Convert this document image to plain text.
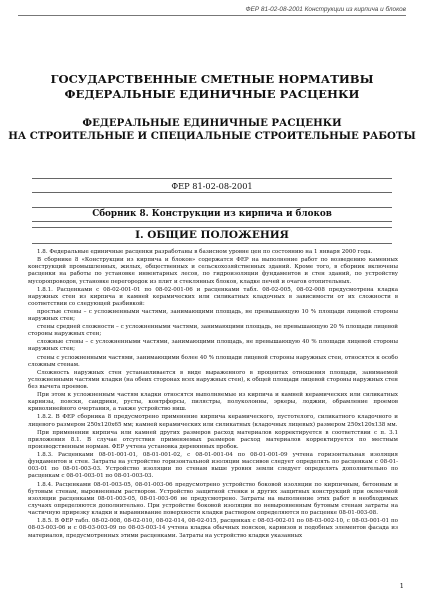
ФЕР 81-02-08-2001 Конструкции из кирпича и блоков

ГОСУДАРСТВЕННЫЕ СМЕТНЫЕ НОРМАТИВЫ

ФЕДЕРАЛЬНЫЕ ЕДИНИЧНЫЕ РАСЦЕНКИ

ФЕДЕРАЛЬНЫЕ ЕДИНИЧНЫЕ РАСЦЕНКИ

НА СТРОИТЕЛЬНЫЕ И СПЕЦИАЛЬНЫЕ СТРОИТЕЛЬНЫЕ РАБОТЫ

ФЕР 81-02-08-2001
Сборник 8. Конструкции из кирпича и блоков
I. ОБЩИЕ ПОЛОЖЕНИЯ

1.8. Федеральные единичные расценки разработаны в базисном уровне цен по состоянию на 1 января 2000 года.

В сборнике 8 «Конструкции из кирпича и блоков» содержатся ФЕР на выполнение работ по возведению каменных конструкций промышленных, жилых, общественных и сельскохозяйственных зданий. Кроме того, в сборник включены расценки на работы по установке инвентарных лесов, по гидроизоляции фундаментов и стен зданий, по устройству мусоропроводов, установке перегородок из плит и стеклянных блоков, кладке печей и очагов отопительных.

1.8.1. Расценками с 08-02-001-01 по 08-02-001-06 и расценками табл. 08-02-005, 08-02-008 предусмотрена кладка наружных стен из кирпича и камней керамических или силикатных кладочных в зависимости от их сложности в соответствии со следующей разбивкой:

простые стены – с усложненными частями, занимающими площадь, не превышающую 10 % площади лицевой стороны наружных стен;

стены средней сложности – с усложненными частями, занимающими площадь, не превышающую 20 % площади лицевой стороны наружных стен;

сложные стены – с усложненными частями, занимающими площадь, не превышающую 40 % площади лицевой стороны наружных стен;

стены с усложненными частями, занимающими более 40 % площади лицевой стороны наружных стен, относятся к особо сложным стенам.

Сложность наружных стен устанавливается в виде выраженного в процентах отношения площади, занимаемой усложненными частями кладки (на обеих сторонах всех наружных стен), к общей площади лицевой стороны наружных стен без вычета проемов.

При этом к усложненным частям кладки относятся выполняемые из кирпича и камней керамических или силикатных карнизы, пояски, сандрики, русты, контрфорсы, пилястры, полуколонны, эркеры, лоджии, обрамление проемов криволинейного очертания, а также устройство ниш.

1.8.2. В ФЕР сборника 8 предусмотрено применение кирпича керамического, пустотелого, силикатного кладочного и лицевого размером 250x120x65 мм; камней керамических или силикатных (кладочных лицевых) размером 250x120x138 мм.

При применении кирпича или камней других размеров расход материалов корректируется в соответствии с п. 3.1 приложения 8.1. В случае отсутствия применяемых размеров расход материалов корректируется по местным производственным нормам. ФЕР учтена установка деревянных пробок.

1.8.3. Расценками 08-01-001-01, 08-01-001-02, с 08-01-001-04 по 08-01-001-09 учтена горизонтальная изоляция фундаментов и стен. Затраты на устройство горизонтальной изоляции массивов следует определять по расценкам с 08-01-003-01 по 08-01-003-03. Устройство изоляции по стенам выше уровня земли следует определять дополнительно по расценкам с 08-01-003-01 по 08-01-003-03.

1.8.4. Расценками 08-01-003-05, 08-01-003-06 предусмотрено устройство боковой изоляции по кирпичным, бетонным и бутовым стенам, выровненным раствором. Устройство защитной стенки и других защитных конструкций при оклеечной изоляции расценками 08-01-003-05, 08-01-003-06 не предусмотрено. Затраты на выполнение этих работ в необходимых случаях определяются дополнительно. При устройстве боковой изоляции по невыровненным бутовым стенам затраты на частичную прирезку кладки и выравнивание поверхности кладки раствором определяются по расценке 08-01-003-08.

1.8.5. В ФЕР табл. 08-02-008, 08-02-010, 08-02-014, 08-02-015, расценках с 08-03-002-01 по 08-03-002-10, с 08-03-001-01 по 08-03-003-06 и с 08-03-003-09 по 08-03-003-14 учтена кладка обычных поясков, карнизов и подобных элементов фасада из материалов, предусмотренных этими расценками. Затраты на устройство кладки указанных

1
